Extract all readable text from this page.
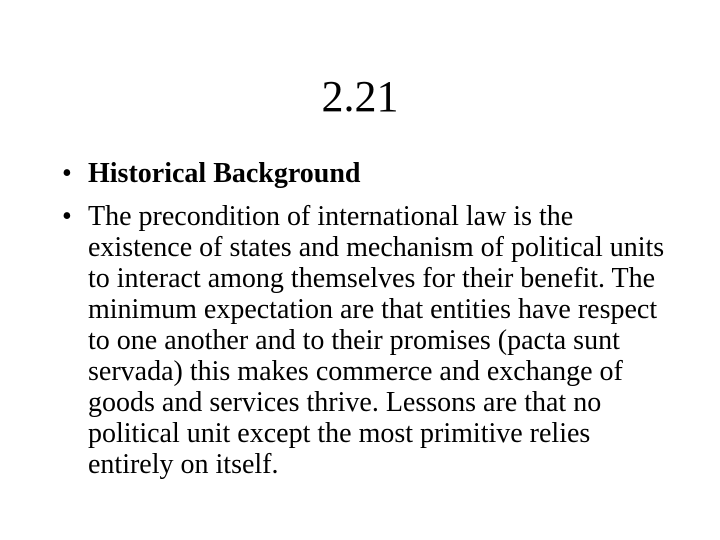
2.21
• Historical Background
• The precondition of international law is the existence of states and mechanism of political units to interact among themselves for their benefit. The minimum expectation are that entities have respect to one another and to their promises (pacta sunt servada) this makes commerce and exchange of goods and services thrive. Lessons are that no political unit except the most primitive relies entirely on itself.
